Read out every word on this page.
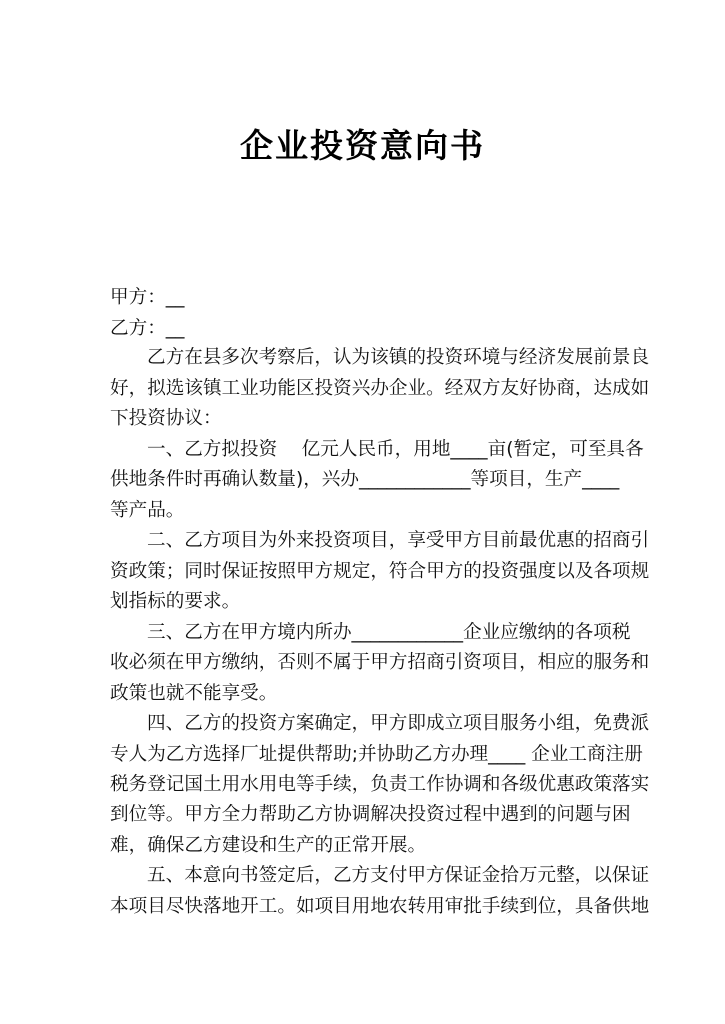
企业投资意向书
甲方：__
乙方：__
乙方在县多次考察后，认为该镇的投资环境与经济发展前景良
好，拟选该镇工业功能区投资兴办企业。经双方友好协商，达成如
下投资协议：
一、乙方拟投资　 亿元人民币，用地____亩(暂定，可至具各
供地条件时再确认数量)，兴办____________等项目，生产____
等产品。
二、乙方项目为外来投资项目，享受甲方目前最优惠的招商引
资政策；同时保证按照甲方规定，符合甲方的投资强度以及各项规
划指标的要求。
三、乙方在甲方境内所办____________企业应缴纳的各项税
收必须在甲方缴纳，否则不属于甲方招商引资项目，相应的服务和
政策也就不能享受。
四、乙方的投资方案确定，甲方即成立项目服务小组，免费派
专人为乙方选择厂址提供帮助;并协助乙方办理____ 企业工商注册
税务登记国土用水用电等手续，负责工作协调和各级优惠政策落实
到位等。甲方全力帮助乙方协调解决投资过程中遇到的问题与困
难，确保乙方建设和生产的正常开展。
五、本意向书签定后，乙方支付甲方保证金拾万元整，以保证
本项目尽快落地开工。如项目用地农转用审批手续到位，具备供地
